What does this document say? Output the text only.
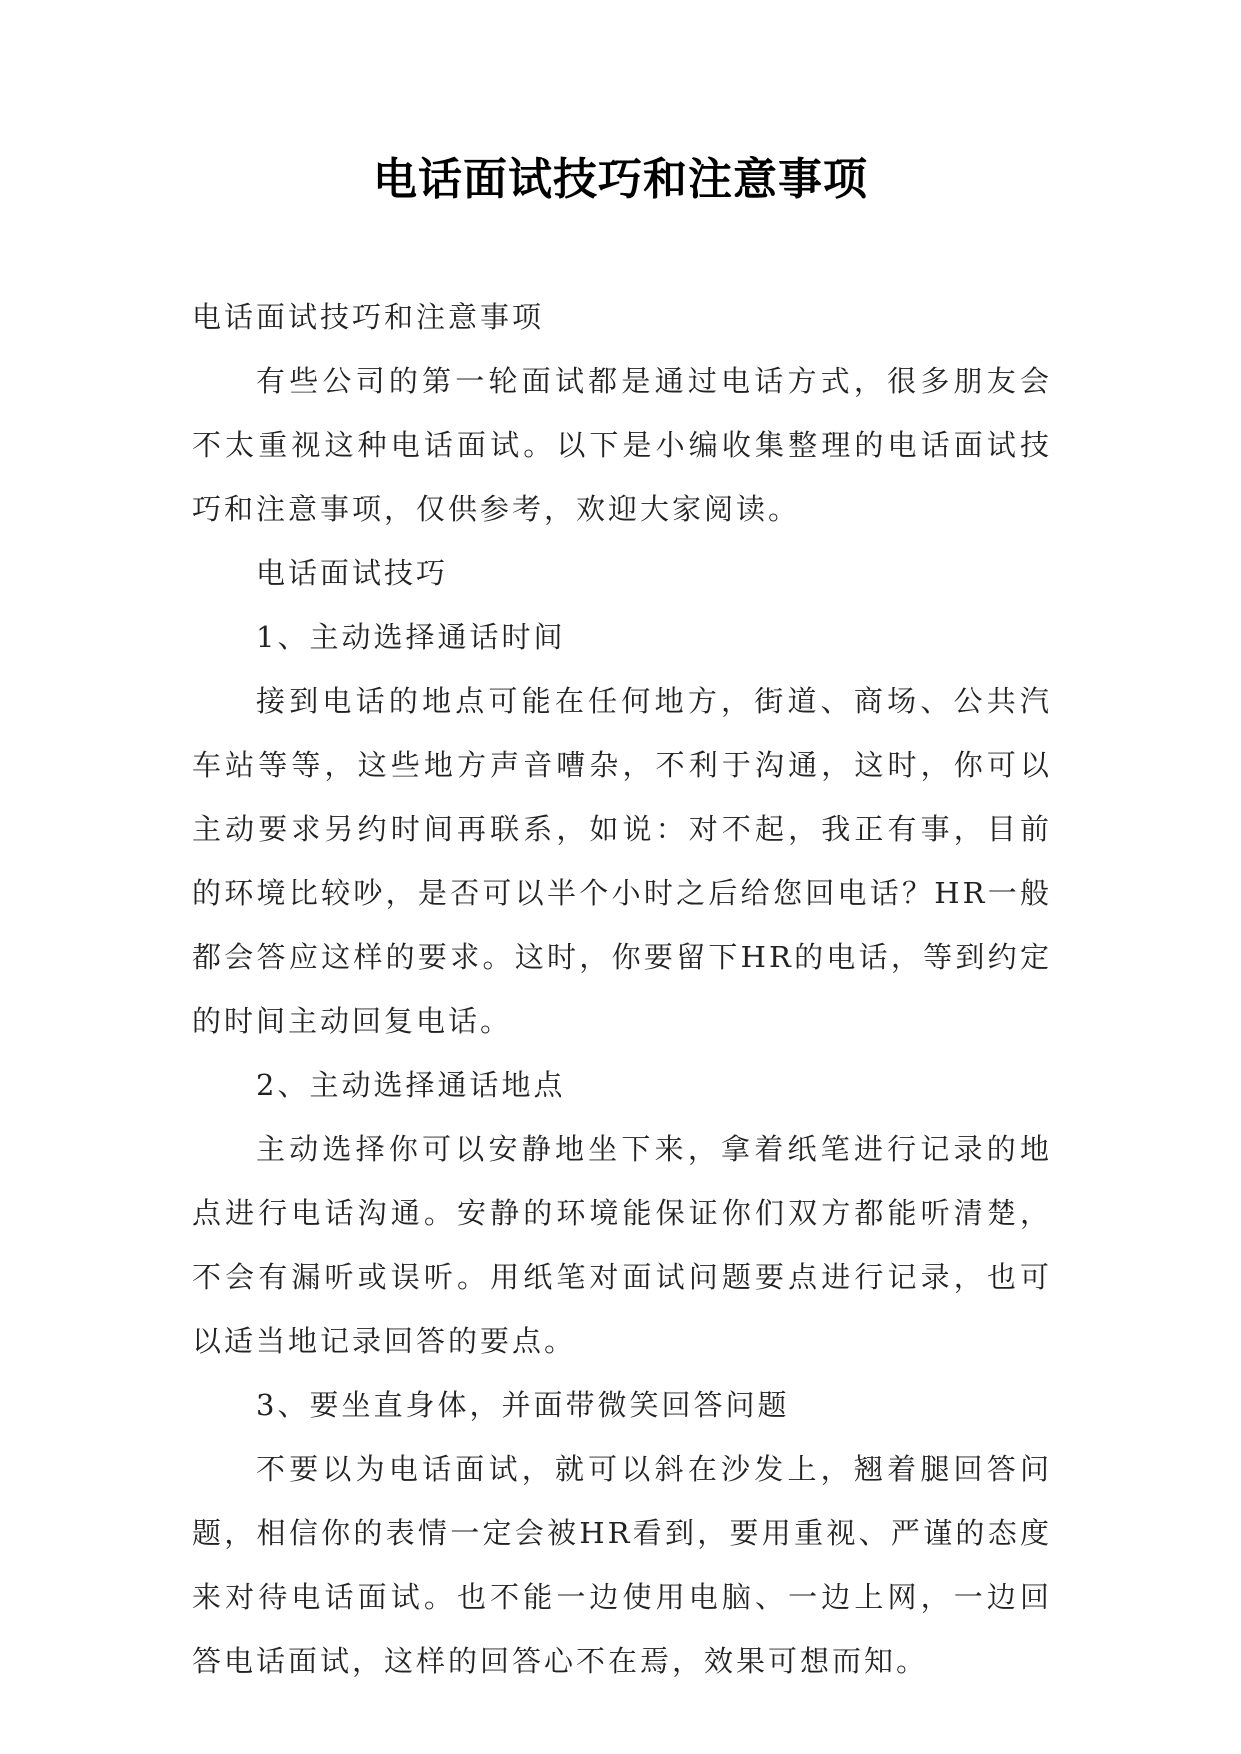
电话面试技巧和注意事项

电话面试技巧和注意事项

有些公司的第一轮面试都是通过电话方式，很多朋友会不太重视这种电话面试。以下是小编收集整理的电话面试技巧和注意事项，仅供参考，欢迎大家阅读。

电话面试技巧

1、主动选择通话时间

接到电话的地点可能在任何地方，街道、商场、公共汽车站等等，这些地方声音嘈杂，不利于沟通，这时，你可以主动要求另约时间再联系，如说：对不起，我正有事，目前的环境比较吵，是否可以半个小时之后给您回电话？HR一般都会答应这样的要求。这时，你要留下HR的电话，等到约定的时间主动回复电话。

2、主动选择通话地点

主动选择你可以安静地坐下来，拿着纸笔进行记录的地点进行电话沟通。安静的环境能保证你们双方都能听清楚，不会有漏听或误听。用纸笔对面试问题要点进行记录，也可以适当地记录回答的要点。

3、要坐直身体，并面带微笑回答问题

不要以为电话面试，就可以斜在沙发上，翘着腿回答问题，相信你的表情一定会被HR看到，要用重视、严谨的态度来对待电话面试。也不能一边使用电脑、一边上网，一边回答电话面试，这样的回答心不在焉，效果可想而知。
